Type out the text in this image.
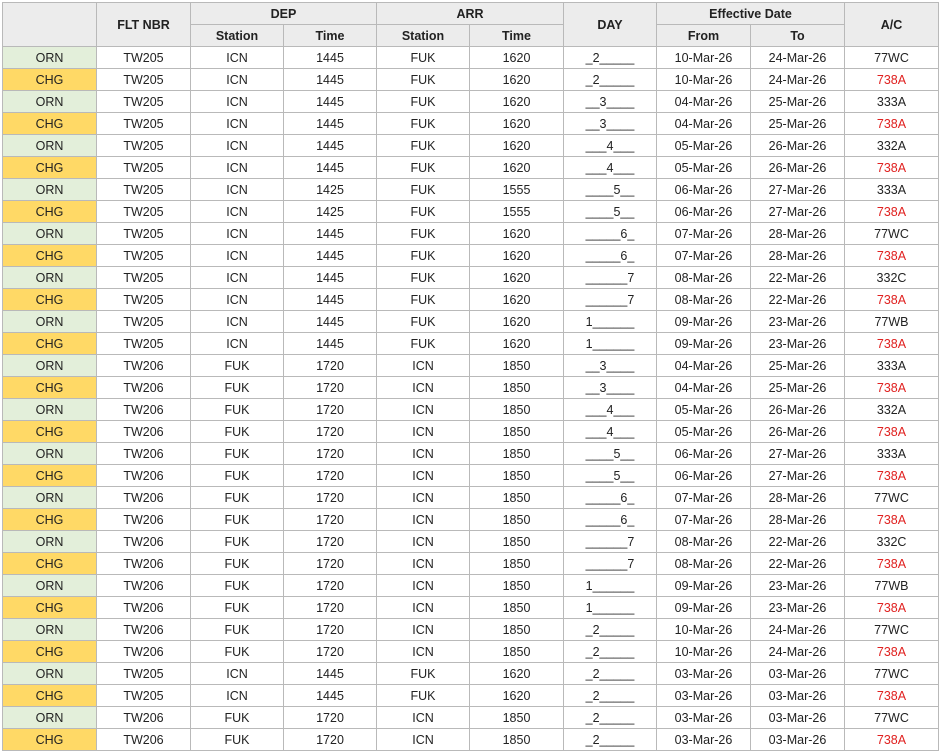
	FLT NBR	DEP		ARR		DAY	Effective Date		A/C
		Station	Time	Station	Time		From	To	
ORN	TW205	ICN	1445	FUK	1620	_2_____	10-Mar-26	24-Mar-26	77WC
CHG	TW205	ICN	1445	FUK	1620	_2_____	10-Mar-26	24-Mar-26	738A
ORN	TW205	ICN	1445	FUK	1620	__3____	04-Mar-26	25-Mar-26	333A
CHG	TW205	ICN	1445	FUK	1620	__3____	04-Mar-26	25-Mar-26	738A
ORN	TW205	ICN	1445	FUK	1620	___4___	05-Mar-26	26-Mar-26	332A
CHG	TW205	ICN	1445	FUK	1620	___4___	05-Mar-26	26-Mar-26	738A
ORN	TW205	ICN	1425	FUK	1555	____5__	06-Mar-26	27-Mar-26	333A
CHG	TW205	ICN	1425	FUK	1555	____5__	06-Mar-26	27-Mar-26	738A
ORN	TW205	ICN	1445	FUK	1620	_____6_	07-Mar-26	28-Mar-26	77WC
CHG	TW205	ICN	1445	FUK	1620	_____6_	07-Mar-26	28-Mar-26	738A
ORN	TW205	ICN	1445	FUK	1620	______7	08-Mar-26	22-Mar-26	332C
CHG	TW205	ICN	1445	FUK	1620	______7	08-Mar-26	22-Mar-26	738A
ORN	TW205	ICN	1445	FUK	1620	1______	09-Mar-26	23-Mar-26	77WB
CHG	TW205	ICN	1445	FUK	1620	1______	09-Mar-26	23-Mar-26	738A
ORN	TW206	FUK	1720	ICN	1850	__3____	04-Mar-26	25-Mar-26	333A
CHG	TW206	FUK	1720	ICN	1850	__3____	04-Mar-26	25-Mar-26	738A
ORN	TW206	FUK	1720	ICN	1850	___4___	05-Mar-26	26-Mar-26	332A
CHG	TW206	FUK	1720	ICN	1850	___4___	05-Mar-26	26-Mar-26	738A
ORN	TW206	FUK	1720	ICN	1850	____5__	06-Mar-26	27-Mar-26	333A
CHG	TW206	FUK	1720	ICN	1850	____5__	06-Mar-26	27-Mar-26	738A
ORN	TW206	FUK	1720	ICN	1850	_____6_	07-Mar-26	28-Mar-26	77WC
CHG	TW206	FUK	1720	ICN	1850	_____6_	07-Mar-26	28-Mar-26	738A
ORN	TW206	FUK	1720	ICN	1850	______7	08-Mar-26	22-Mar-26	332C
CHG	TW206	FUK	1720	ICN	1850	______7	08-Mar-26	22-Mar-26	738A
ORN	TW206	FUK	1720	ICN	1850	1______	09-Mar-26	23-Mar-26	77WB
CHG	TW206	FUK	1720	ICN	1850	1______	09-Mar-26	23-Mar-26	738A
ORN	TW206	FUK	1720	ICN	1850	_2_____	10-Mar-26	24-Mar-26	77WC
CHG	TW206	FUK	1720	ICN	1850	_2_____	10-Mar-26	24-Mar-26	738A
ORN	TW205	ICN	1445	FUK	1620	_2_____	03-Mar-26	03-Mar-26	77WC
CHG	TW205	ICN	1445	FUK	1620	_2_____	03-Mar-26	03-Mar-26	738A
ORN	TW206	FUK	1720	ICN	1850	_2_____	03-Mar-26	03-Mar-26	77WC
CHG	TW206	FUK	1720	ICN	1850	_2_____	03-Mar-26	03-Mar-26	738A
